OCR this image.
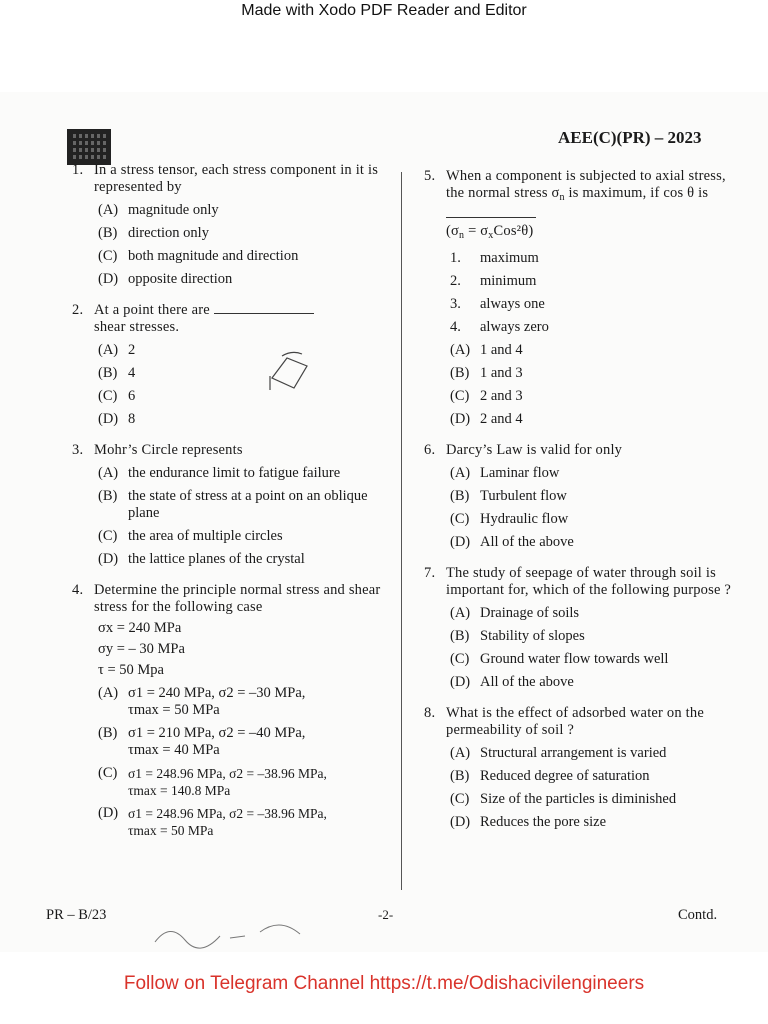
Made with Xodo PDF Reader and Editor
AEE(C)(PR) – 2023
1. In a stress tensor, each stress component in it is represented by
(A) magnitude only
(B) direction only
(C) both magnitude and direction
(D) opposite direction
2. At a point there are
shear stresses.
(A) 2
(B) 4
(C) 6
(D) 8
3. Mohr’s Circle represents
(A) the endurance limit to fatigue failure
(B) the state of stress at a point on an oblique plane
(C) the area of multiple circles
(D) the lattice planes of the crystal
4. Determine the principle normal stress and shear stress for the following case
σx = 240 MPa
σy = – 30 MPa
τ = 50 Mpa
(A) σ1 = 240 MPa, σ2 = –30 MPa,
τmax = 50 MPa
(B) σ1 = 210 MPa, σ2 = –40 MPa,
τmax = 40 MPa
(C) σ1 = 248.96 MPa, σ2 = –38.96 MPa,
τmax = 140.8 MPa
(D) σ1 = 248.96 MPa, σ2 = –38.96 MPa,
τmax = 50 MPa
5. When a component is subjected to axial stress, the normal stress $\sigma_n$ is maximum, if cos θ is
$(\sigma_n = \sigma_xCos^2\theta)$
1.	maximum
2.	minimum
3.	always one
4.	always zero
(A) 1 and 4
(B) 1 and 3
(C) 2 and 3
(D) 2 and 4
6. Darcy’s Law is valid for only
(A) Laminar flow
(B) Turbulent flow
(C) Hydraulic flow
(D) All of the above
7. The study of seepage of water through soil is important for, which of the following purpose ?
(A) Drainage of soils
(B) Stability of slopes
(C) Ground water flow towards well
(D) All of the above
8. What is the effect of adsorbed water on the permeability of soil ?
(A) Structural arrangement is varied
(B) Reduced degree of saturation
(C) Size of the particles is diminished
(D) Reduces the pore size
PR – B/23	-2-	Contd.
Follow on Telegram Channel https://t.me/Odishacivilengineers
